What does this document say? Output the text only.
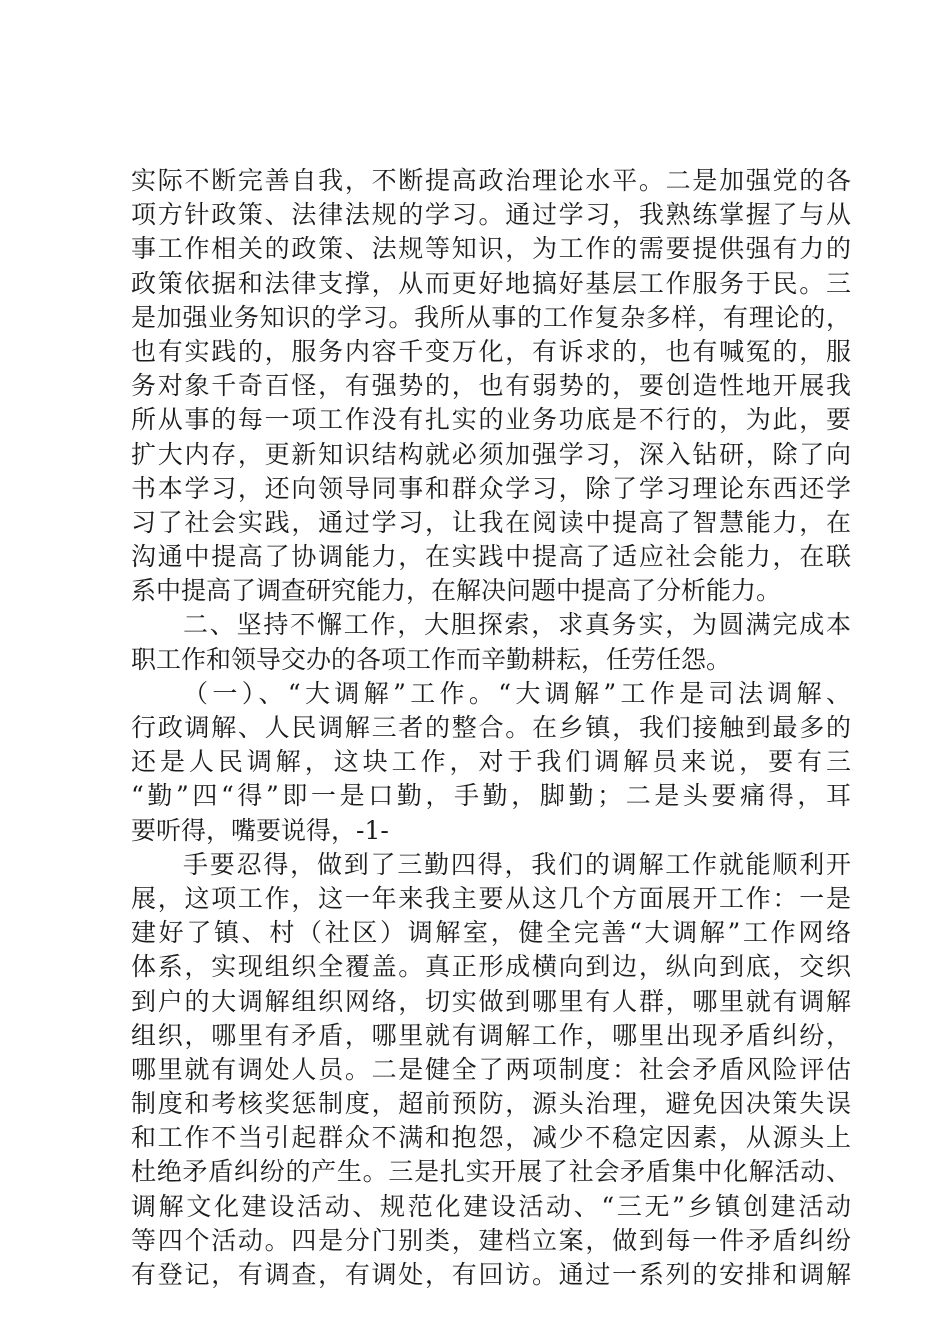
实际不断完善自我，不断提高政治理论水平。二是加强党的各
项方针政策、法律法规的学习。通过学习，我熟练掌握了与从
事工作相关的政策、法规等知识，为工作的需要提供强有力的
政策依据和法律支撑，从而更好地搞好基层工作服务于民。三
是加强业务知识的学习。我所从事的工作复杂多样，有理论的，
也有实践的，服务内容千变万化，有诉求的，也有喊冤的，服
务对象千奇百怪，有强势的，也有弱势的，要创造性地开展我
所从事的每一项工作没有扎实的业务功底是不行的，为此，要
扩大内存，更新知识结构就必须加强学习，深入钻研，除了向
书本学习，还向领导同事和群众学习，除了学习理论东西还学
习了社会实践，通过学习，让我在阅读中提高了智慧能力，在
沟通中提高了协调能力，在实践中提高了适应社会能力，在联
系中提高了调查研究能力，在解决问题中提高了分析能力。
二、坚持不懈工作，大胆探索，求真务实，为圆满完成本
职工作和领导交办的各项工作而辛勤耕耘，任劳任怨。
（一）、“大调解”工作。“大调解”工作是司法调解、
行政调解、人民调解三者的整合。在乡镇，我们接触到最多的
还是人民调解，这块工作，对于我们调解员来说，要有三
“勤”四“得”即一是口勤，手勤，脚勤；二是头要痛得，耳
要听得，嘴要说得，-1-
手要忍得，做到了三勤四得，我们的调解工作就能顺利开
展，这项工作，这一年来我主要从这几个方面展开工作：一是
建好了镇、村（社区）调解室，健全完善“大调解”工作网络
体系，实现组织全覆盖。真正形成横向到边，纵向到底，交织
到户的大调解组织网络，切实做到哪里有人群，哪里就有调解
组织，哪里有矛盾，哪里就有调解工作，哪里出现矛盾纠纷，
哪里就有调处人员。二是健全了两项制度：社会矛盾风险评估
制度和考核奖惩制度，超前预防，源头治理，避免因决策失误
和工作不当引起群众不满和抱怨，减少不稳定因素，从源头上
杜绝矛盾纠纷的产生。三是扎实开展了社会矛盾集中化解活动、
调解文化建设活动、规范化建设活动、“三无”乡镇创建活动
等四个活动。四是分门别类，建档立案，做到每一件矛盾纠纷
有登记，有调查，有调处，有回访。通过一系列的安排和调解
